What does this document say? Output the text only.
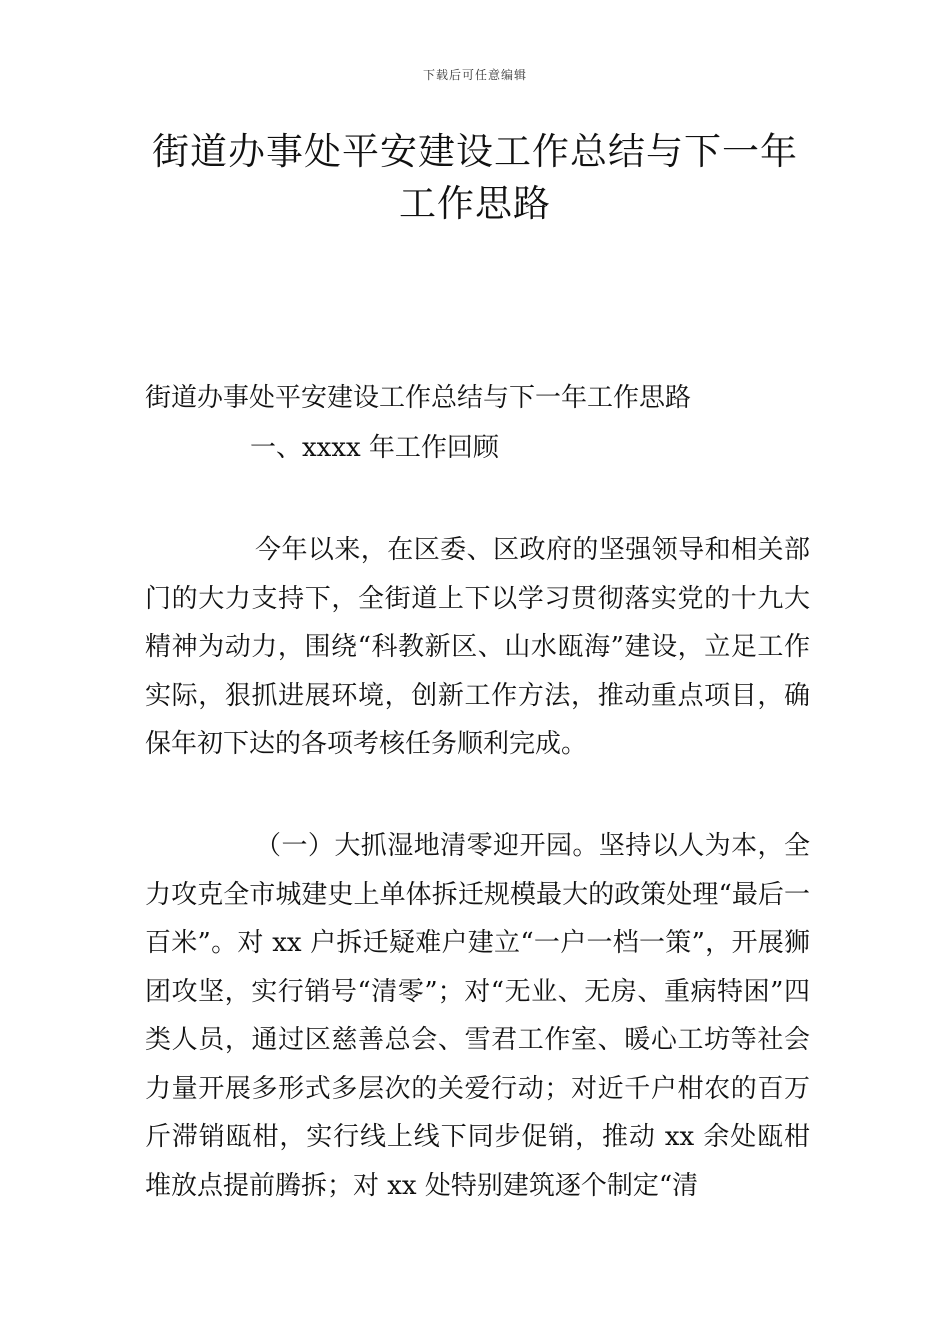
下载后可任意编辑
街道办事处平安建设工作总结与下一年工作思路
街道办事处平安建设工作总结与下一年工作思路
一、xxxx 年工作回顾

今年以来，在区委、区政府的坚强领导和相关部门的大力支持下，全街道上下以学习贯彻落实党的十九大精神为动力，围绕“科教新区、山水瓯海”建设，立足工作实际，狠抓进展环境，创新工作方法，推动重点项目，确保年初下达的各项考核任务顺利完成。

（一）大抓湿地清零迎开园。坚持以人为本，全力攻克全市城建史上单体拆迁规模最大的政策处理“最后一百米”。对 xx 户拆迁疑难户建立“一户一档一策”，开展狮团攻坚，实行销号“清零”；对“无业、无房、重病特困”四类人员，通过区慈善总会、雪君工作室、暖心工坊等社会力量开展多形式多层次的关爱行动；对近千户柑农的百万斤滞销瓯柑，实行线上线下同步促销，推动 xx 余处瓯柑堆放点提前腾拆；对 xx 处特别建筑逐个制定“清
